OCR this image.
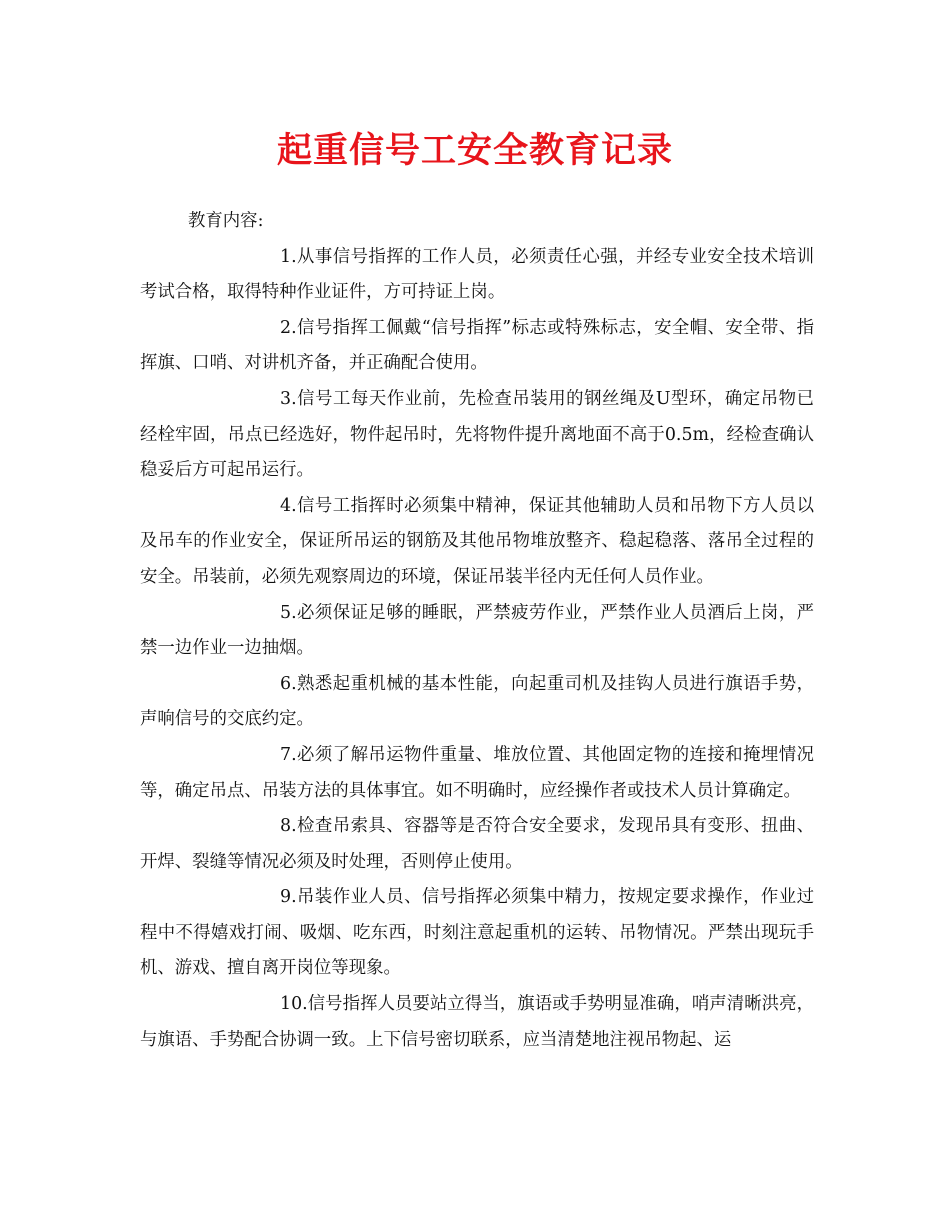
起重信号工安全教育记录

教育内容:

1.从事信号指挥的工作人员，必须责任心强，并经专业安全技术培训考试合格，取得特种作业证件，方可持证上岗。

2.信号指挥工佩戴“信号指挥”标志或特殊标志，安全帽、安全带、指挥旗、口哨、对讲机齐备，并正确配合使用。

3.信号工每天作业前，先检查吊装用的钢丝绳及U型环，确定吊物已经栓牢固，吊点已经选好，物件起吊时，先将物件提升离地面不高于0.5m，经检查确认稳妥后方可起吊运行。

4.信号工指挥时必须集中精神，保证其他辅助人员和吊物下方人员以及吊车的作业安全，保证所吊运的钢筋及其他吊物堆放整齐、稳起稳落、落吊全过程的安全。吊装前，必须先观察周边的环境，保证吊装半径内无任何人员作业。

5.必须保证足够的睡眠，严禁疲劳作业，严禁作业人员酒后上岗，严禁一边作业一边抽烟。

6.熟悉起重机械的基本性能，向起重司机及挂钩人员进行旗语手势，声响信号的交底约定。

7.必须了解吊运物件重量、堆放位置、其他固定物的连接和掩埋情况等，确定吊点、吊装方法的具体事宜。如不明确时，应经操作者或技术人员计算确定。

8.检查吊索具、容器等是否符合安全要求，发现吊具有变形、扭曲、开焊、裂缝等情况必须及时处理，否则停止使用。

9.吊装作业人员、信号指挥必须集中精力，按规定要求操作，作业过程中不得嬉戏打闹、吸烟、吃东西，时刻注意起重机的运转、吊物情况。严禁出现玩手机、游戏、擅自离开岗位等现象。

10.信号指挥人员要站立得当，旗语或手势明显准确，哨声清晰洪亮，与旗语、手势配合协调一致。上下信号密切联系，应当清楚地注视吊物起、运
